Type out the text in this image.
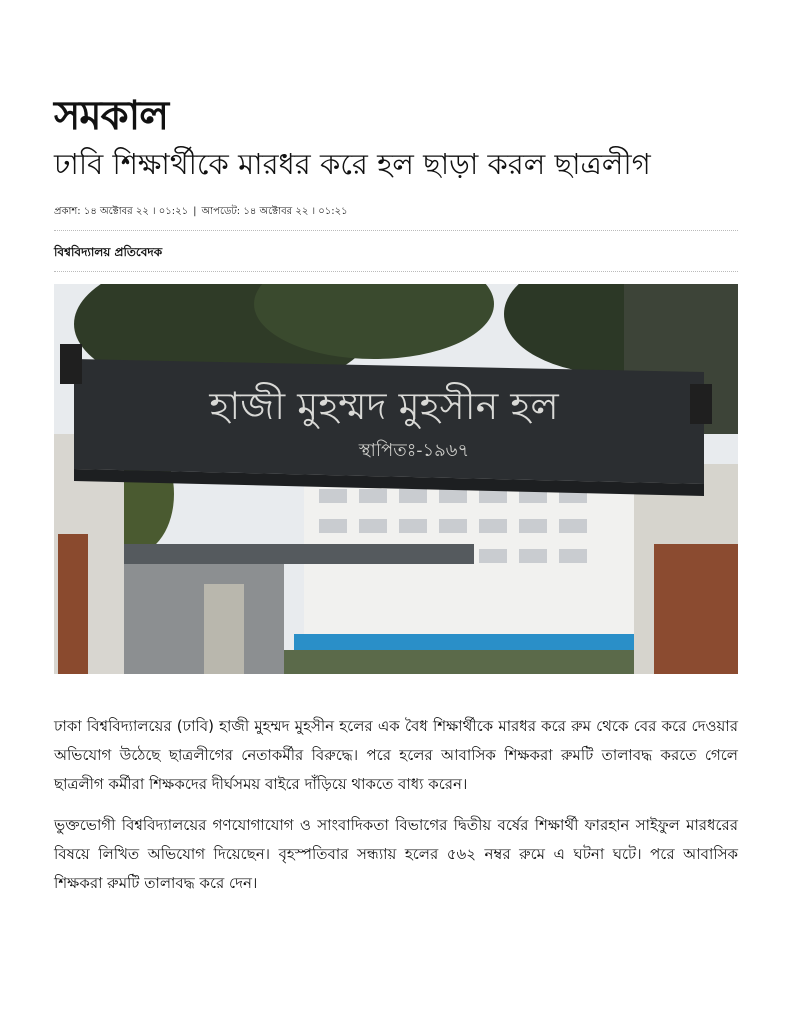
সমকাল
ঢাবি শিক্ষার্থীকে মারধর করে হল ছাড়া করল ছাত্রলীগ
প্রকাশ: ১৪ অক্টোবর ২২ । ০১:২১ | আপডেট: ১৪ অক্টোবর ২২ । ০১:২১
বিশ্ববিদ্যালয় প্রতিবেদক
হাজী মুহম্মদ মুহসীন হল
স্থাপিতঃ-১৯৬৭

ঢাকা বিশ্ববিদ্যালয়ের (ঢাবি) হাজী মুহম্মদ মুহসীন হলের এক বৈধ শিক্ষার্থীকে মারধর করে রুম থেকে বের করে দেওয়ার অভিযোগ উঠেছে ছাত্রলীগের নেতাকর্মীর বিরুদ্ধে। পরে হলের আবাসিক শিক্ষকরা রুমটি তালাবদ্ধ করতে গেলে ছাত্রলীগ কর্মীরা শিক্ষকদের দীর্ঘসময় বাইরে দাঁড়িয়ে থাকতে বাধ্য করেন।

ভুক্তভোগী বিশ্ববিদ্যালয়ের গণযোগাযোগ ও সাংবাদিকতা বিভাগের দ্বিতীয় বর্ষের শিক্ষার্থী ফারহান সাইফুল মারধরের বিষয়ে লিখিত অভিযোগ দিয়েছেন। বৃহস্পতিবার সন্ধ্যায় হলের ৫৬২ নম্বর রুমে এ ঘটনা ঘটে। পরে আবাসিক শিক্ষকরা রুমটি তালাবদ্ধ করে দেন।
